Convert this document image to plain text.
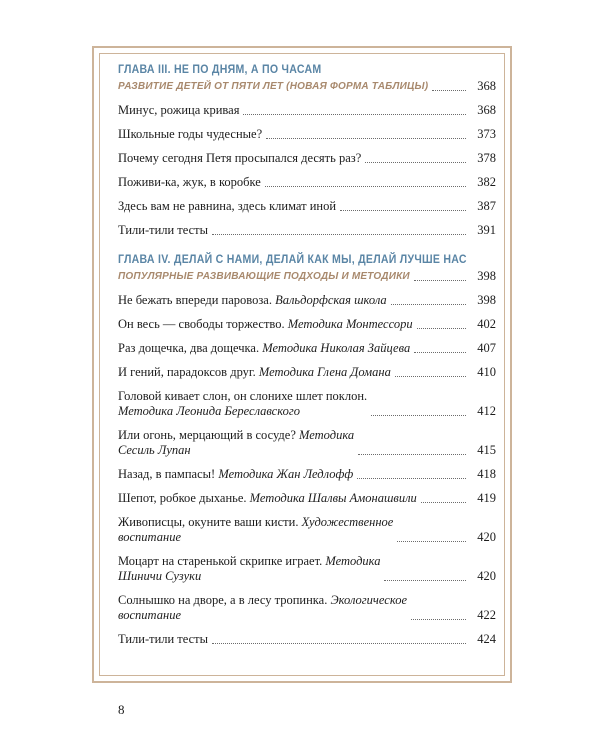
ГЛАВА III. НЕ ПО ДНЯМ, А ПО ЧАСАМ
РАЗВИТИЕ ДЕТЕЙ ОТ ПЯТИ ЛЕТ (НОВАЯ ФОРМА ТАБЛИЦЫ)	368
Минус, рожица кривая	368
Школьные годы чудесные?	373
Почему сегодня Петя просыпался десять раз?	378
Поживи-ка, жук, в коробке	382
Здесь вам не равнина, здесь климат иной	387
Тили-тили тесты	391
ГЛАВА IV. ДЕЛАЙ С НАМИ, ДЕЛАЙ КАК МЫ, ДЕЛАЙ ЛУЧШЕ НАС
ПОПУЛЯРНЫЕ РАЗВИВАЮЩИЕ ПОДХОДЫ И МЕТОДИКИ	398
Не бежать впереди паровоза. Вальдорфская школа	398
Он весь — свободы торжество. Методика Монтессори	402
Раз дощечка, два дощечка. Методика Николая Зайцева	407
И гений, парадоксов друг. Методика Глена Домана	410
Головой кивает слон, он слонихе шлет поклон.
Методика Леонида Береславского	412
Или огонь, мерцающий в сосуде? Методика
Сесиль Лупан	415
Назад, в пампасы! Методика Жан Ледлофф	418
Шепот, робкое дыханье. Методика Шалвы Амонашвили	419
Живописцы, окуните ваши кисти. Художественное
воспитание	420
Моцарт на старенькой скрипке играет. Методика
Шиничи Сузуки	420
Солнышко на дворе, а в лесу тропинка. Экологическое
воспитание	422
Тили-тили тесты	424
8
